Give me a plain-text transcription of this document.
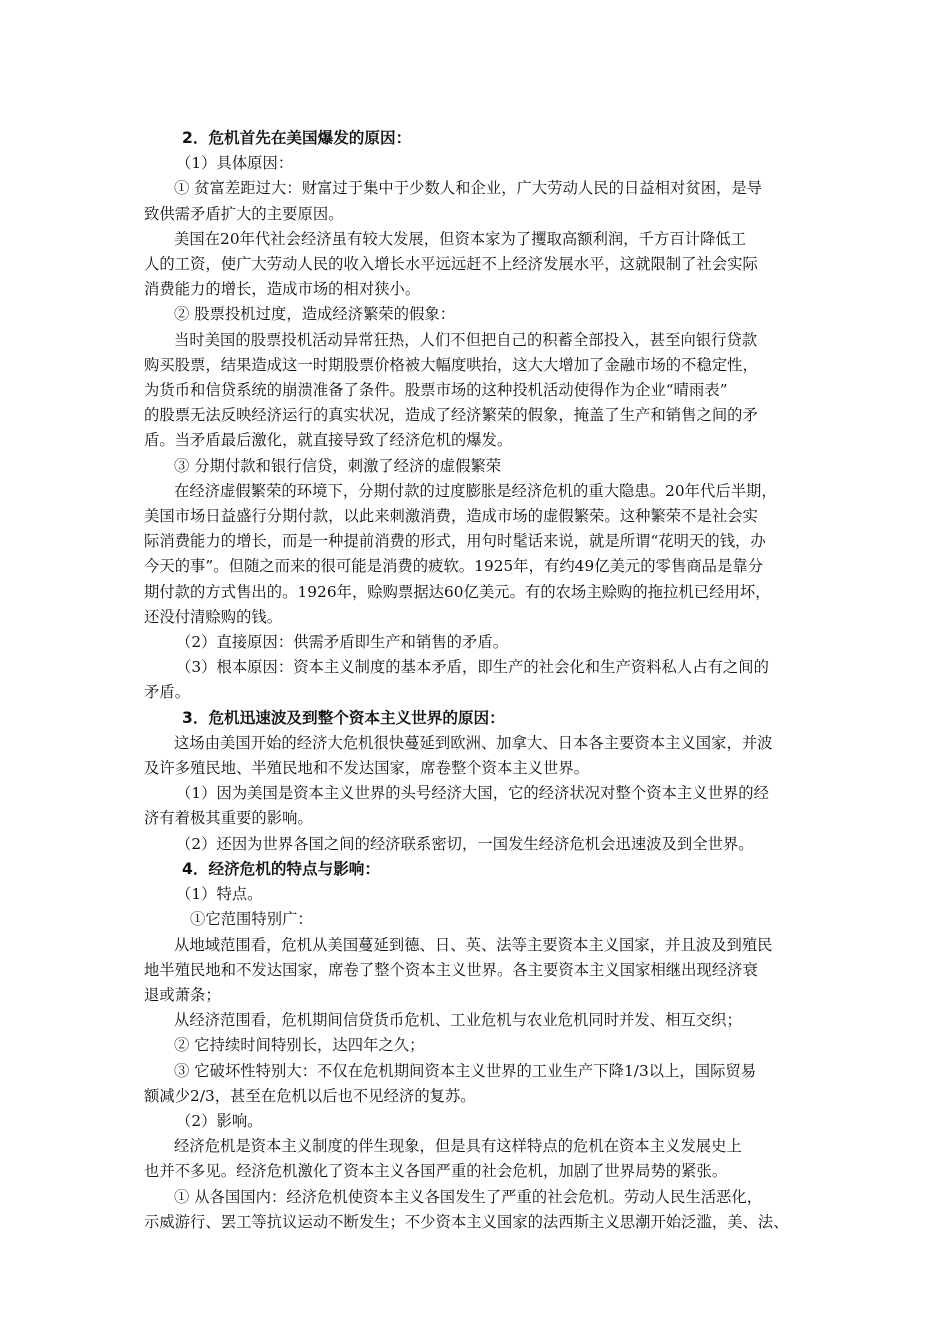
2．危机首先在美国爆发的原因：
（1）具体原因：
① 贫富差距过大：财富过于集中于少数人和企业，广大劳动人民的日益相对贫困，是导
致供需矛盾扩大的主要原因。
美国在20年代社会经济虽有较大发展，但资本家为了攫取高额利润，千方百计降低工
人的工资，使广大劳动人民的收入增长水平远远赶不上经济发展水平，这就限制了社会实际
消费能力的增长，造成市场的相对狭小。
② 股票投机过度，造成经济繁荣的假象：
当时美国的股票投机活动异常狂热，人们不但把自己的积蓄全部投入，甚至向银行贷款
购买股票，结果造成这一时期股票价格被大幅度哄抬，这大大增加了金融市场的不稳定性，
为货币和信贷系统的崩溃准备了条件。股票市场的这种投机活动使得作为企业“晴雨表”
的股票无法反映经济运行的真实状况，造成了经济繁荣的假象，掩盖了生产和销售之间的矛
盾。当矛盾最后激化，就直接导致了经济危机的爆发。
③ 分期付款和银行信贷，刺激了经济的虚假繁荣
在经济虚假繁荣的环境下，分期付款的过度膨胀是经济危机的重大隐患。20年代后半期，
美国市场日益盛行分期付款，以此来刺激消费，造成市场的虚假繁荣。这种繁荣不是社会实
际消费能力的增长，而是一种提前消费的形式，用句时髦话来说，就是所谓“花明天的钱，办
今天的事”。但随之而来的很可能是消费的疲软。1925年，有约49亿美元的零售商品是靠分
期付款的方式售出的。1926年，赊购票据达60亿美元。有的农场主赊购的拖拉机已经用坏，
还没付清赊购的钱。
（2）直接原因：供需矛盾即生产和销售的矛盾。
（3）根本原因：资本主义制度的基本矛盾，即生产的社会化和生产资料私人占有之间的
矛盾。
3．危机迅速波及到整个资本主义世界的原因：
这场由美国开始的经济大危机很快蔓延到欧洲、加拿大、日本各主要资本主义国家，并波
及许多殖民地、半殖民地和不发达国家，席卷整个资本主义世界。
（1）因为美国是资本主义世界的头号经济大国，它的经济状况对整个资本主义世界的经
济有着极其重要的影响。
（2）还因为世界各国之间的经济联系密切，一国发生经济危机会迅速波及到全世界。
4．经济危机的特点与影响：
（1）特点。
①它范围特别广：
从地域范围看，危机从美国蔓延到德、日、英、法等主要资本主义国家，并且波及到殖民
地半殖民地和不发达国家，席卷了整个资本主义世界。各主要资本主义国家相继出现经济衰
退或萧条；
从经济范围看，危机期间信贷货币危机、工业危机与农业危机同时并发、相互交织；
② 它持续时间特别长，达四年之久；
③ 它破坏性特别大：不仅在危机期间资本主义世界的工业生产下降1/3以上，国际贸易
额减少2/3，甚至在危机以后也不见经济的复苏。
（2）影响。
经济危机是资本主义制度的伴生现象，但是具有这样特点的危机在资本主义发展史上
也并不多见。经济危机激化了资本主义各国严重的社会危机，加剧了世界局势的紧张。
① 从各国国内：经济危机使资本主义各国发生了严重的社会危机。劳动人民生活恶化，
示威游行、罢工等抗议运动不断发生；不少资本主义国家的法西斯主义思潮开始泛滥，美、法、
